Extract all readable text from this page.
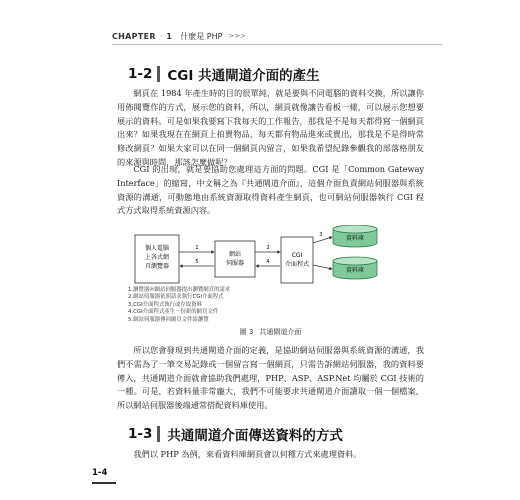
CHAPTER · 1 什麼是 PHP >>>
1-2 CGI 共通閘道介面的產生

網頁在 1984 年產生時的目的很單純，就是要與不同電腦的資料交換，所以讓你用佈閱覽作的方式，展示您的資料，所以，網頁就像讓告看板一樣，可以展示您想要展示的資料。可是如果我要寫下我每天的工作報告，那我是不是每天都得寫一個網頁出來？如果我現在在網頁上拍賣物品，每天都有物品進來或賣出，那我是不是得時常修改網頁？如果大家可以在同一個網頁內留言，如果我希望紀錄參觀我的部落格朋友的來源與時間，那該怎麼做呢？

CGI 的出現，就是要協助您處理這方面的問題。CGI 是「Common Gateway Interface」的縮寫，中文稱之為『共通閘道介面』，這個介面負責網站伺服器與系統資源的溝通，可動態地由系統資源取得資料產生網頁，也可網站伺服器執行 CGI 程式方式取得系統資源內容。

個人電腦
上各式網
頁瀏覽器
網站
伺服器
CGI
介面程式
資料庫
資料庫
1	2
3
4
5
1.瀏覽器向網站伺服器提出瀏覽網頁的請求
2.網站伺服器依照請求執行CGI介面程式
3.CGI介面程式執行或存取資料
4.CGI介面程式產生一份新的網頁文件
5.網站伺服器傳回網頁文件給瀏覽
圖 3 共通閘道介面

所以您會發現到共通閘道介面的定義，是協助網站伺服器與系統資源的溝通，我們不需為了一筆交易記錄或一個留言寫一個網頁，只需告訴網站伺服器，我的資料要傳入，共通閘道介面就會協助我們處理，PHP、ASP、ASP.Net 均屬於 CGI 技術的一種。可是，若資料量非常龐大，我們不可能要求共通閘道介面讀取一個一個檔案，所以網站伺服器後端通常搭配資料庫使用。

1-3 共通閘道介面傳送資料的方式

我們以 PHP 為例，來看資料庫網頁會以何種方式來處理資料。

1-4
